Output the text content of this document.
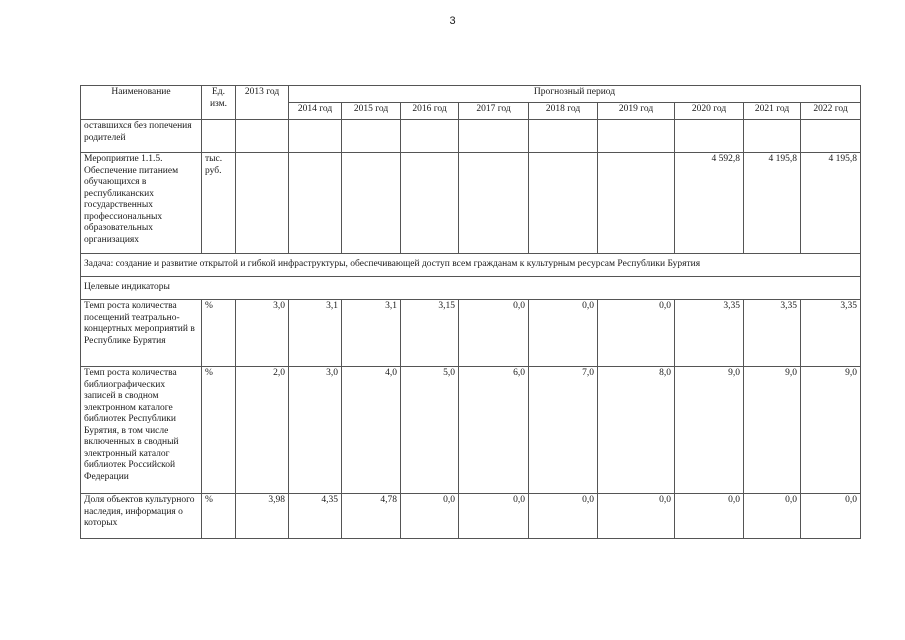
3
Наименование	Ед. изм.	2013 год	Прогнозный период								
			2014 год	2015 год	2016 год	2017 год	2018 год	2019 год	2020 год	2021 год	2022 год
оставшихся без попечения родителей											
Мероприятие 1.1.5. Обеспечение питанием обучающихся в республиканских государственных профессиональных образовательных организациях	тыс. руб.								4 592,8	4 195,8	4 195,8
Задача: создание и развитие открытой и гибкой инфраструктуры, обеспечивающей доступ всем гражданам к культурным ресурсам Республики Бурятия											
Целевые индикаторы											
Темп роста количества посещений театрально-концертных мероприятий в Республике Бурятия	%	3,0	3,1	3,1	3,15	0,0	0,0	0,0	3,35	3,35	3,35
Темп роста количества библиографических записей в сводном электронном каталоге библиотек Республики Бурятия, в том числе включенных в сводный электронный каталог библиотек Российской Федерации	%	2,0	3,0	4,0	5,0	6,0	7,0	8,0	9,0	9,0	9,0
Доля объектов культурного наследия, информация о которых	%	3,98	4,35	4,78	0,0	0,0	0,0	0,0	0,0	0,0	0,0
